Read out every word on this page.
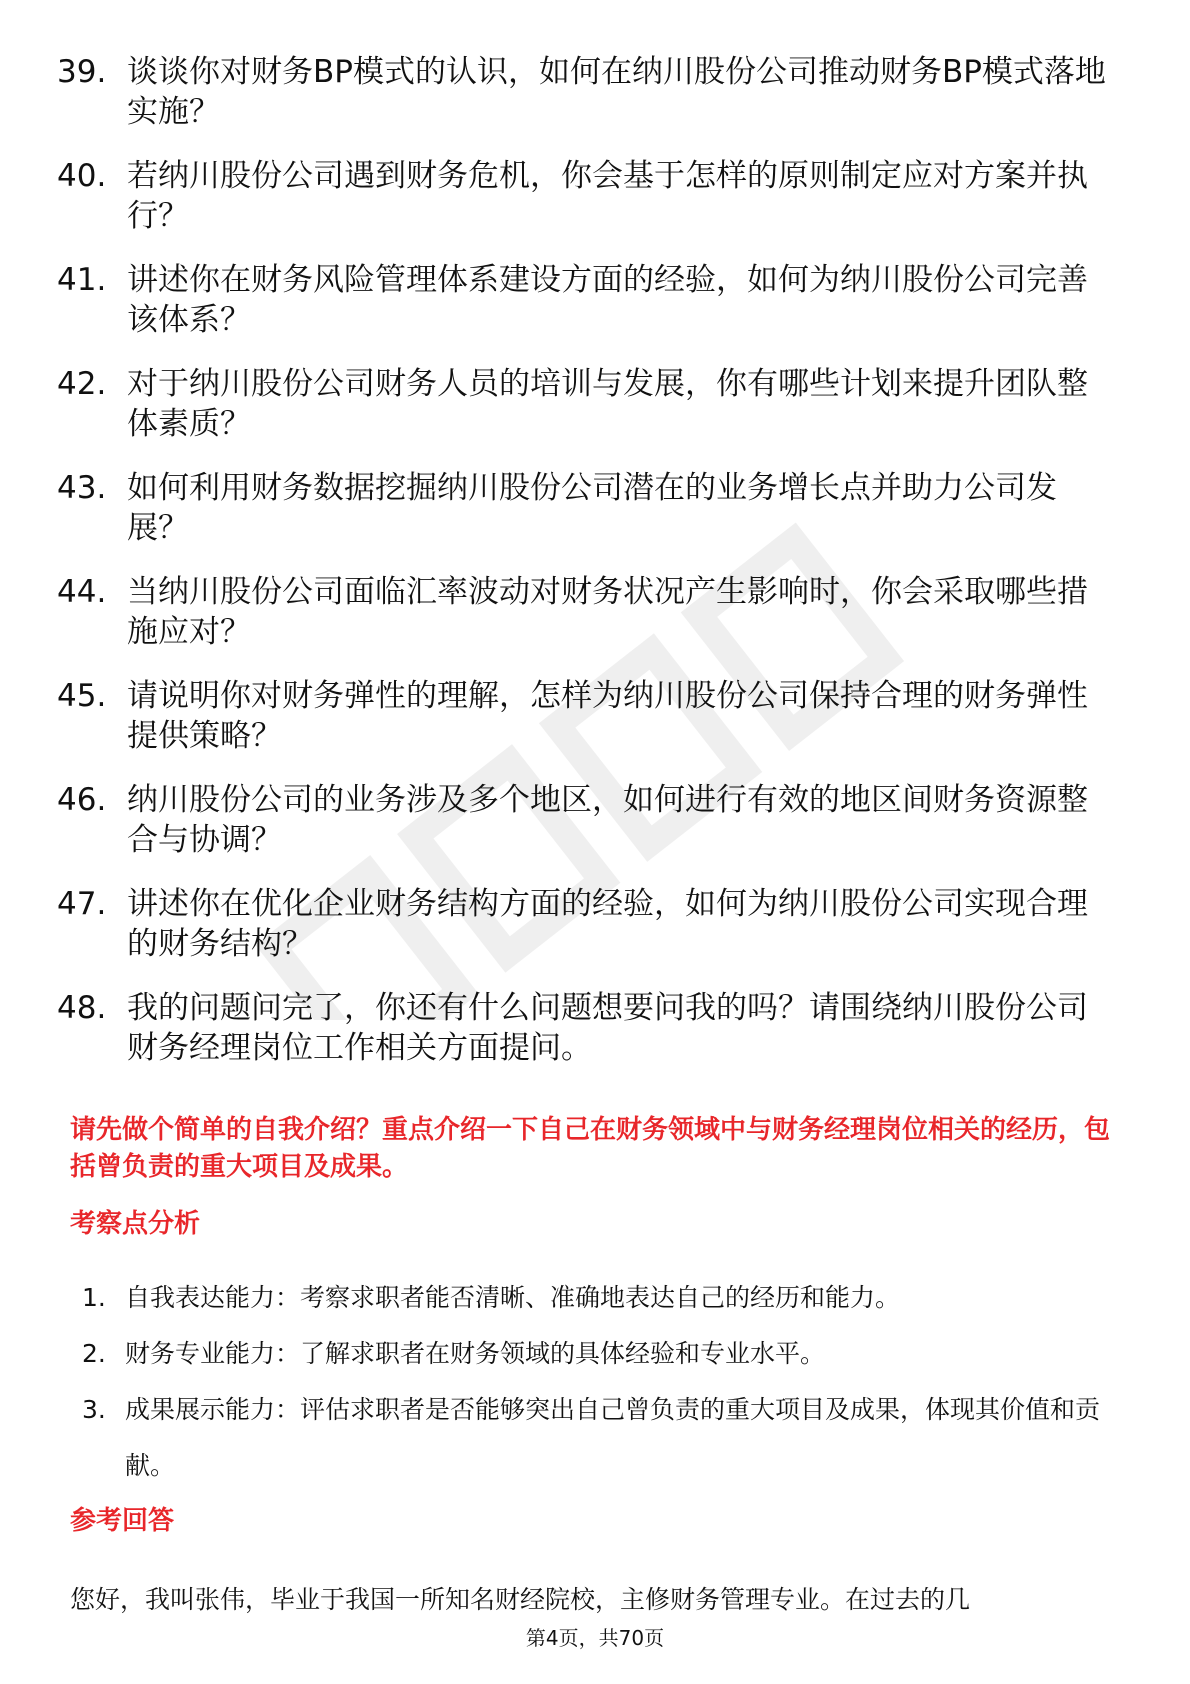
39. 谈谈你对财务BP模式的认识，如何在纳川股份公司推动财务BP模式落地实施？
40. 若纳川股份公司遇到财务危机，你会基于怎样的原则制定应对方案并执行？
41. 讲述你在财务风险管理体系建设方面的经验，如何为纳川股份公司完善该体系？
42. 对于纳川股份公司财务人员的培训与发展，你有哪些计划来提升团队整体素质？
43. 如何利用财务数据挖掘纳川股份公司潜在的业务增长点并助力公司发展？
44. 当纳川股份公司面临汇率波动对财务状况产生影响时，你会采取哪些措施应对？
45. 请说明你对财务弹性的理解，怎样为纳川股份公司保持合理的财务弹性提供策略？
46. 纳川股份公司的业务涉及多个地区，如何进行有效的地区间财务资源整合与协调？
47. 讲述你在优化企业财务结构方面的经验，如何为纳川股份公司实现合理的财务结构？
48. 我的问题问完了，你还有什么问题想要问我的吗？请围绕纳川股份公司财务经理岗位工作相关方面提问。

请先做个简单的自我介绍？重点介绍一下自己在财务领域中与财务经理岗位相关的经历，包括曾负责的重大项目及成果。

考察点分析
1. 自我表达能力：考察求职者能否清晰、准确地表达自己的经历和能力。
2. 财务专业能力：了解求职者在财务领域的具体经验和专业水平。
3. 成果展示能力：评估求职者是否能够突出自己曾负责的重大项目及成果，体现其价值和贡献。
参考回答

您好，我叫张伟，毕业于我国一所知名财经院校，主修财务管理专业。在过去的几

第4页，共70页
